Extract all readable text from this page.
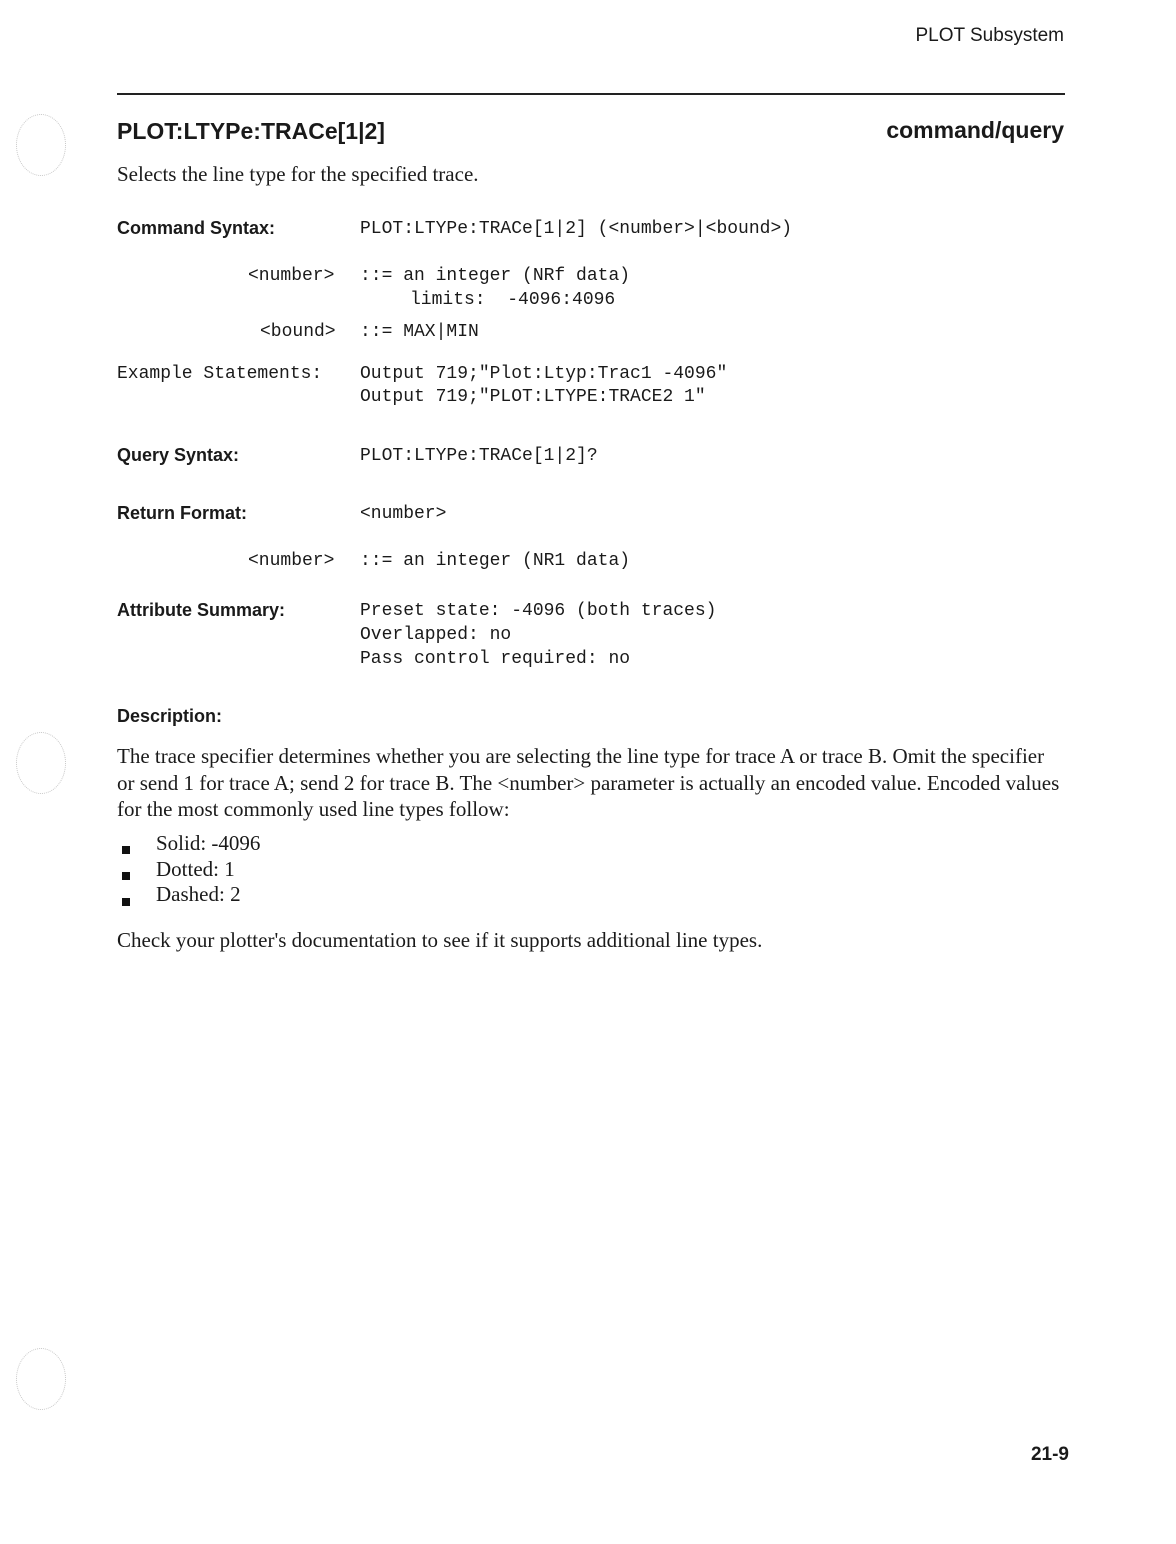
PLOT Subsystem
PLOT:LTYPe:TRACe[1|2]	command/query
Selects the line type for the specified trace.
Command Syntax:	PLOT:LTYPe:TRACe[1|2] (<number>|<bound>)
<number> ::= an integer (NRf data)
limits:  -4096:4096
<bound> ::= MAX|MIN
Example Statements: Output 719;"Plot:Ltyp:Trac1 -4096"
Output 719;"PLOT:LTYPE:TRACE2 1"
Query Syntax:	PLOT:LTYPe:TRACe[1|2]?
Return Format:	<number>
<number> ::= an integer (NR1 data)
Attribute Summary:	Preset state: -4096 (both traces)
Overlapped: no
Pass control required: no
Description:
The trace specifier determines whether you are selecting the line type for trace A or trace B. Omit the specifier or send 1 for trace A; send 2 for trace B. The <number> parameter is actually an encoded value. Encoded values for the most commonly used line types follow:
Solid: -4096
Dotted: 1
Dashed: 2
Check your plotter's documentation to see if it supports additional line types.
21-9
